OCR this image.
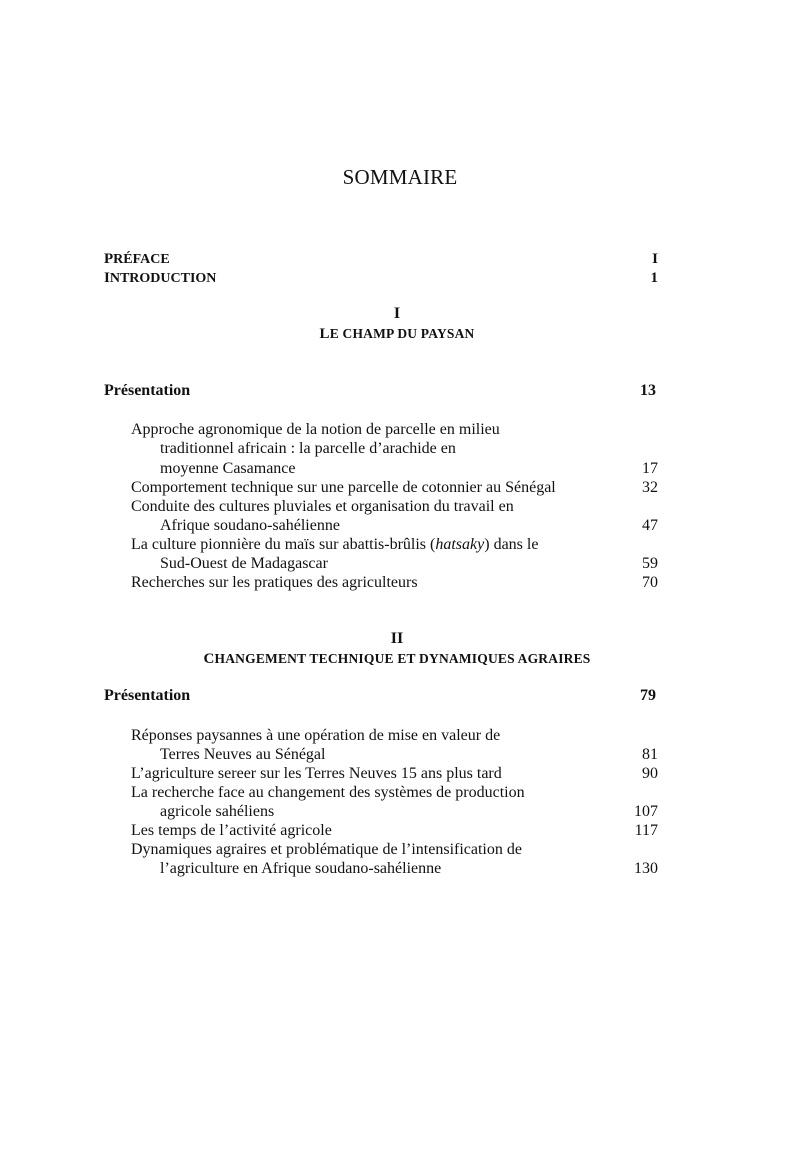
SOMMAIRE
PRÉFACE	I
INTRODUCTION	1
I
LE CHAMP DU PAYSAN
Présentation	13
Approche agronomique de la notion de parcelle en milieu
traditionnel africain : la parcelle d’arachide en
moyenne Casamance	17
Comportement technique sur une parcelle de cotonnier au Sénégal	32
Conduite des cultures pluviales et organisation du travail en
Afrique soudano-sahélienne	47
La culture pionnière du maïs sur abattis-brûlis (hatsaky) dans le
Sud-Ouest de Madagascar	59
Recherches sur les pratiques des agriculteurs	70
II
CHANGEMENT TECHNIQUE ET DYNAMIQUES AGRAIRES
Présentation	79
Réponses paysannes à une opération de mise en valeur de
Terres Neuves au Sénégal	81
L’agriculture sereer sur les Terres Neuves 15 ans plus tard	90
La recherche face au changement des systèmes de production
agricole sahéliens	107
Les temps de l’activité agricole	117
Dynamiques agraires et problématique de l’intensification de
l’agriculture en Afrique soudano-sahélienne	130
